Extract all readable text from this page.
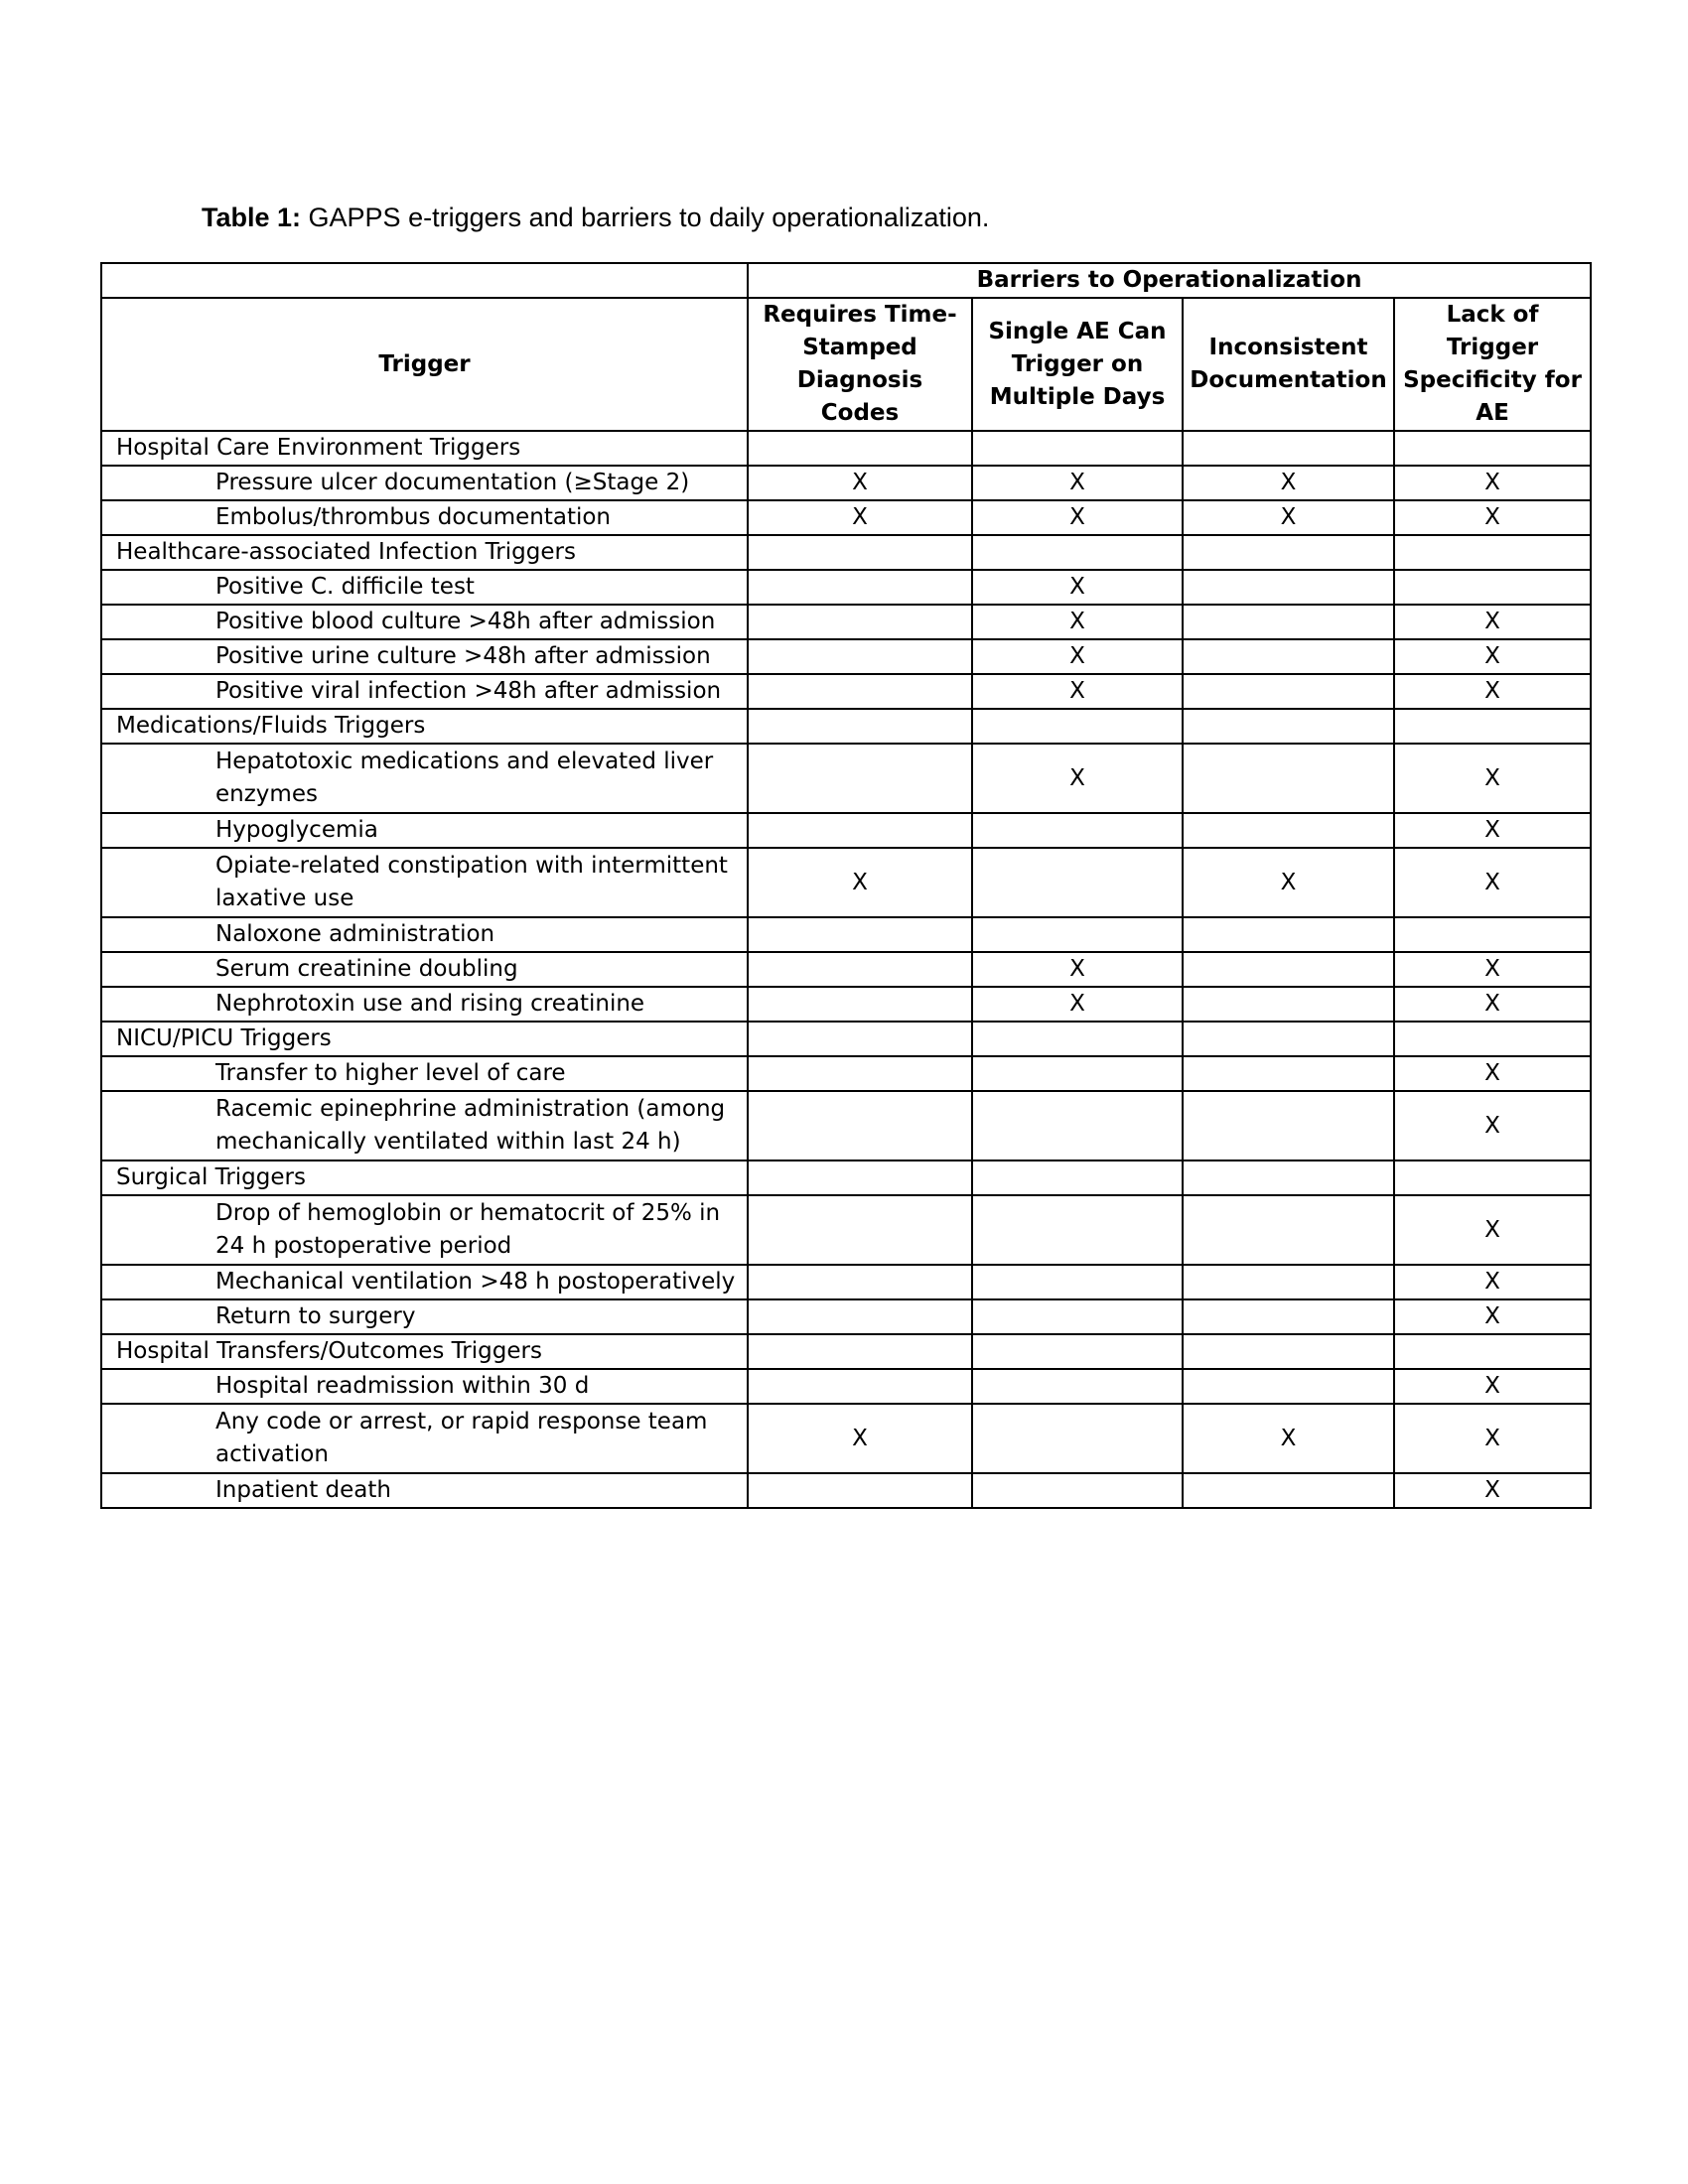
Table 1: GAPPS e-triggers and barriers to daily operationalization.
	Barriers to Operationalization			
Trigger	Requires Time-Stamped Diagnosis Codes	Single AE Can Trigger on Multiple Days	Inconsistent Documentation	Lack of Trigger Specificity for AE
Hospital Care Environment Triggers				
Pressure ulcer documentation (≥Stage 2)	X	X	X	X
Embolus/thrombus documentation	X	X	X	X
Healthcare-associated Infection Triggers				
Positive C. difficile test		X		
Positive blood culture >48h after admission		X		X
Positive urine culture >48h after admission		X		X
Positive viral infection >48h after admission		X		X
Medications/Fluids Triggers				
Hepatotoxic medications and elevated liver enzymes		X		X
Hypoglycemia				X
Opiate-related constipation with intermittent laxative use	X		X	X
Naloxone administration				
Serum creatinine doubling		X		X
Nephrotoxin use and rising creatinine		X		X
NICU/PICU Triggers				
Transfer to higher level of care				X
Racemic epinephrine administration (among mechanically ventilated within last 24 h)				X
Surgical Triggers				
Drop of hemoglobin or hematocrit of 25% in 24 h postoperative period				X
Mechanical ventilation >48 h postoperatively				X
Return to surgery				X
Hospital Transfers/Outcomes Triggers				
Hospital readmission within 30 d				X
Any code or arrest, or rapid response team activation	X		X	X
Inpatient death				X
